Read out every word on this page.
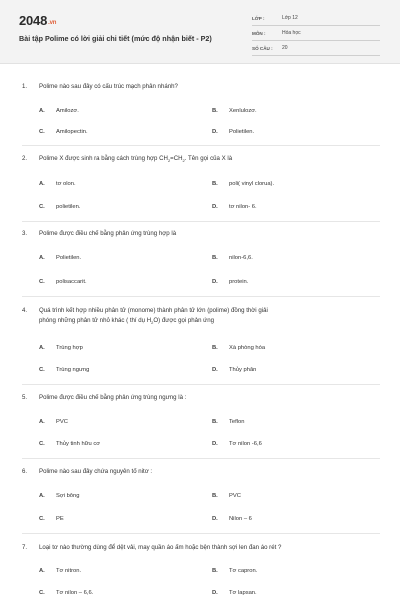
2048.vn
Bài tập Polime có lời giải chi tiết (mức độ nhận biết - P2)
LỚP :	Lớp 12
MÔN :	Hóa học
SỐ CÂU :	20
1.	Polime nào sau đây có cấu trúc mạch phân nhánh?
A.	Amilozơ.	B.	Xenlulozơ.
C.	Amilopectin.	D.	Polietilen.
2.	Polime X được sinh ra bằng cách trùng hợp $CH_2=CH_2$. Tên gọi của X là
A.	tơ olon.	B.	poli( vinyl clorua).
C.	polietilen.	D.	tơ nilon- 6.
3.	Polime được điều chế bằng phản ứng trùng hợp là
A.	Polietilen.	B.	nilon-6,6.
C.	polisaccarit.	D.	protein.
4.	Quá trình kết hợp nhiều phân tử (monome) thành phân tử lớn (polime) đồng thời giải
phóng những phân tử nhỏ khác ( thí dụ $H_2O$) được gọi phản ứng
A.	Trùng hợp	B.	Xà phòng hóa
C.	Trùng ngưng	D.	Thủy phân
5.	Polime được điều chế bằng phản ứng trùng ngưng là :
A.	PVC	B.	Teflon
C.	Thủy tinh hữu cơ	D.	Tơ nilon -6,6
6.	Polime nào sau đây chứa nguyên tố nitơ :
A.	Sợi bông	B.	PVC
C.	PE	D.	Nilon – 6
7.	Loại tơ nào thường dùng để dệt vải, may quần áo ấm hoặc bện thành sợi len đan áo rét ?
A.	Tơ nitron.	B.	Tơ capron.
C.	Tơ nilon – 6,6.	D.	Tơ lapsan.
